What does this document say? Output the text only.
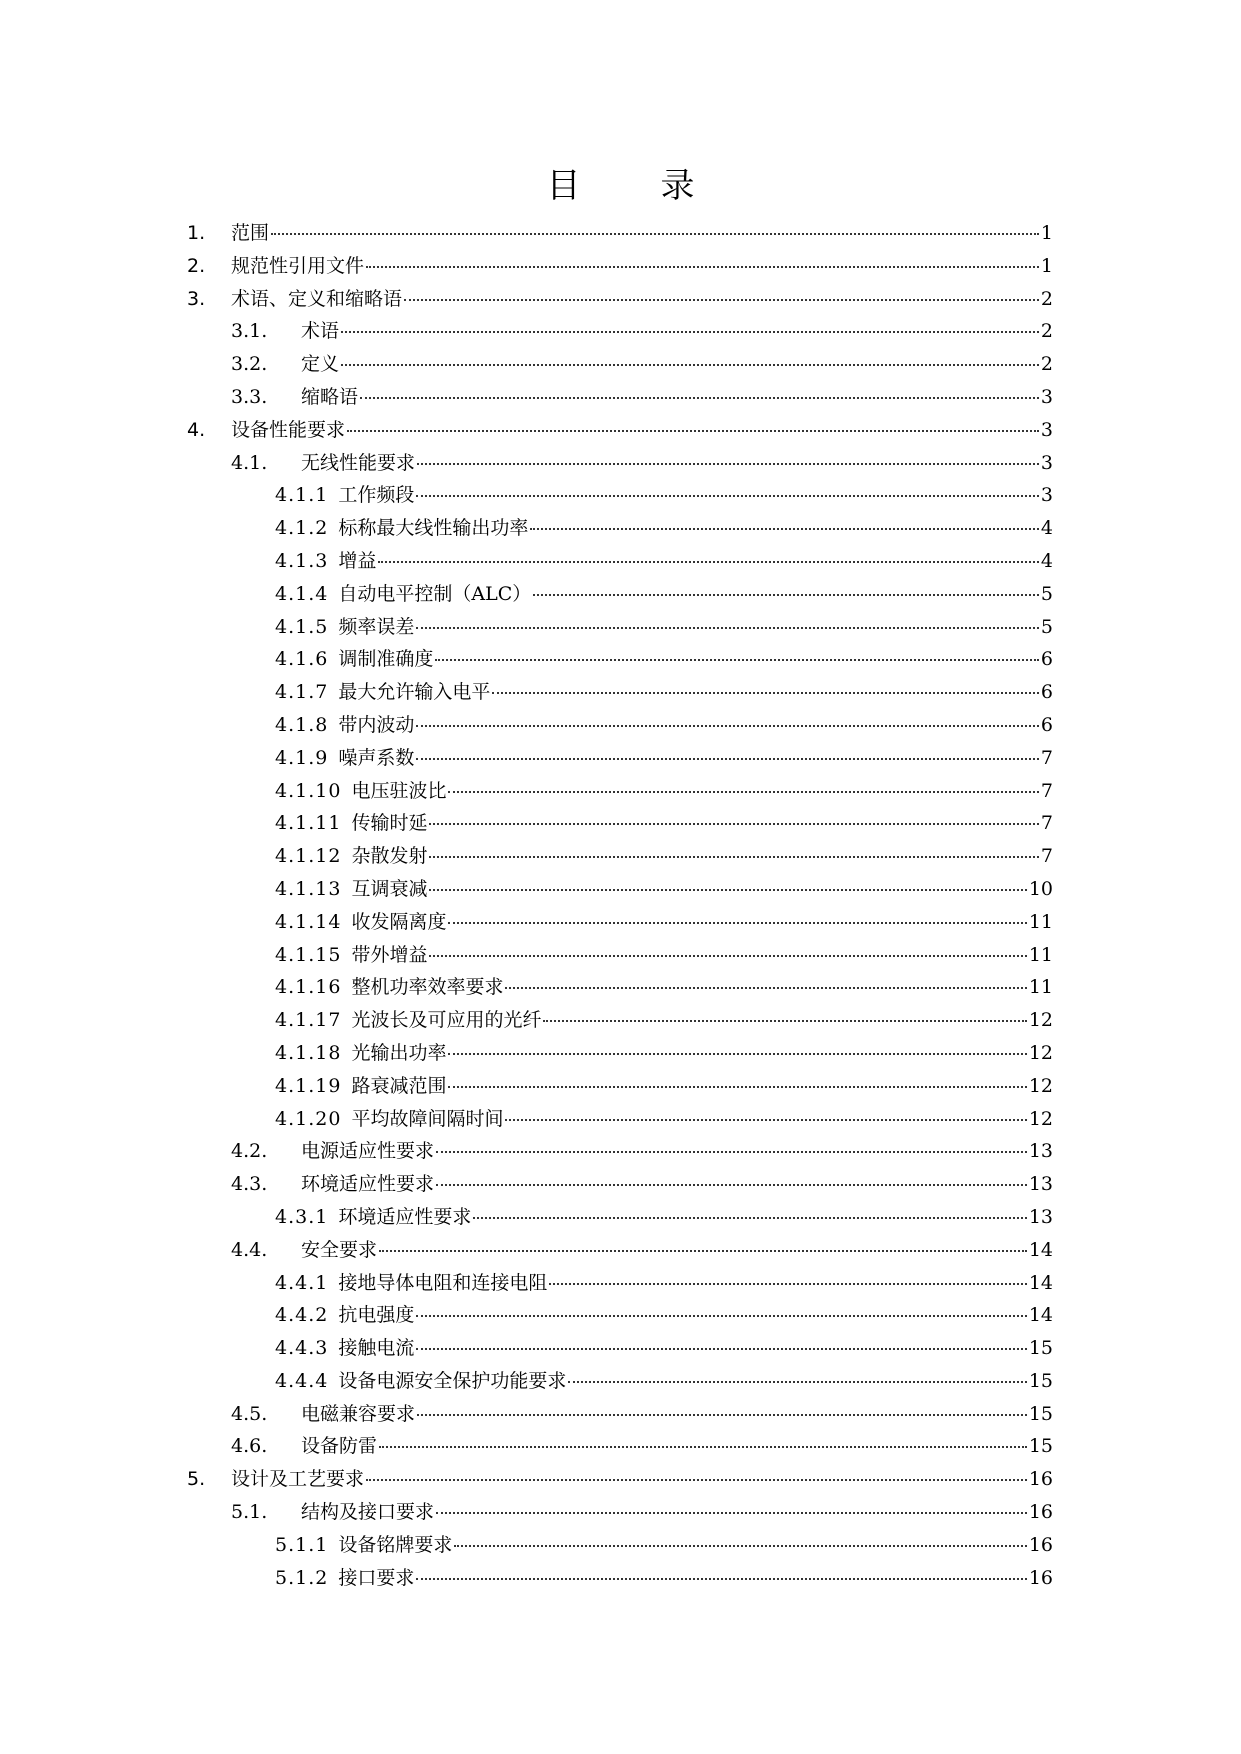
目 录
1.	范围	1
2.	规范性引用文件	1
3.	术语、定义和缩略语	2
3.1.	术语	2
3.2.	定义	2
3.3.	缩略语	3
4.	设备性能要求	3
4.1.	无线性能要求	3
4.1.1 工作频段	3
4.1.2 标称最大线性输出功率	4
4.1.3 增益	4
4.1.4 自动电平控制（ALC）	5
4.1.5 频率误差	5
4.1.6 调制准确度	6
4.1.7 最大允许输入电平	6
4.1.8 带内波动	6
4.1.9 噪声系数	7
4.1.10 电压驻波比	7
4.1.11 传输时延	7
4.1.12 杂散发射	7
4.1.13 互调衰减	10
4.1.14 收发隔离度	11
4.1.15 带外增益	11
4.1.16 整机功率效率要求	11
4.1.17 光波长及可应用的光纤	12
4.1.18 光输出功率	12
4.1.19 路衰减范围	12
4.1.20 平均故障间隔时间	12
4.2.	电源适应性要求	13
4.3.	环境适应性要求	13
4.3.1 环境适应性要求	13
4.4.	安全要求	14
4.4.1 接地导体电阻和连接电阻	14
4.4.2 抗电强度	14
4.4.3 接触电流	15
4.4.4 设备电源安全保护功能要求	15
4.5.	电磁兼容要求	15
4.6.	设备防雷	15
5.	设计及工艺要求	16
5.1.	结构及接口要求	16
5.1.1 设备铭牌要求	16
5.1.2 接口要求	16
